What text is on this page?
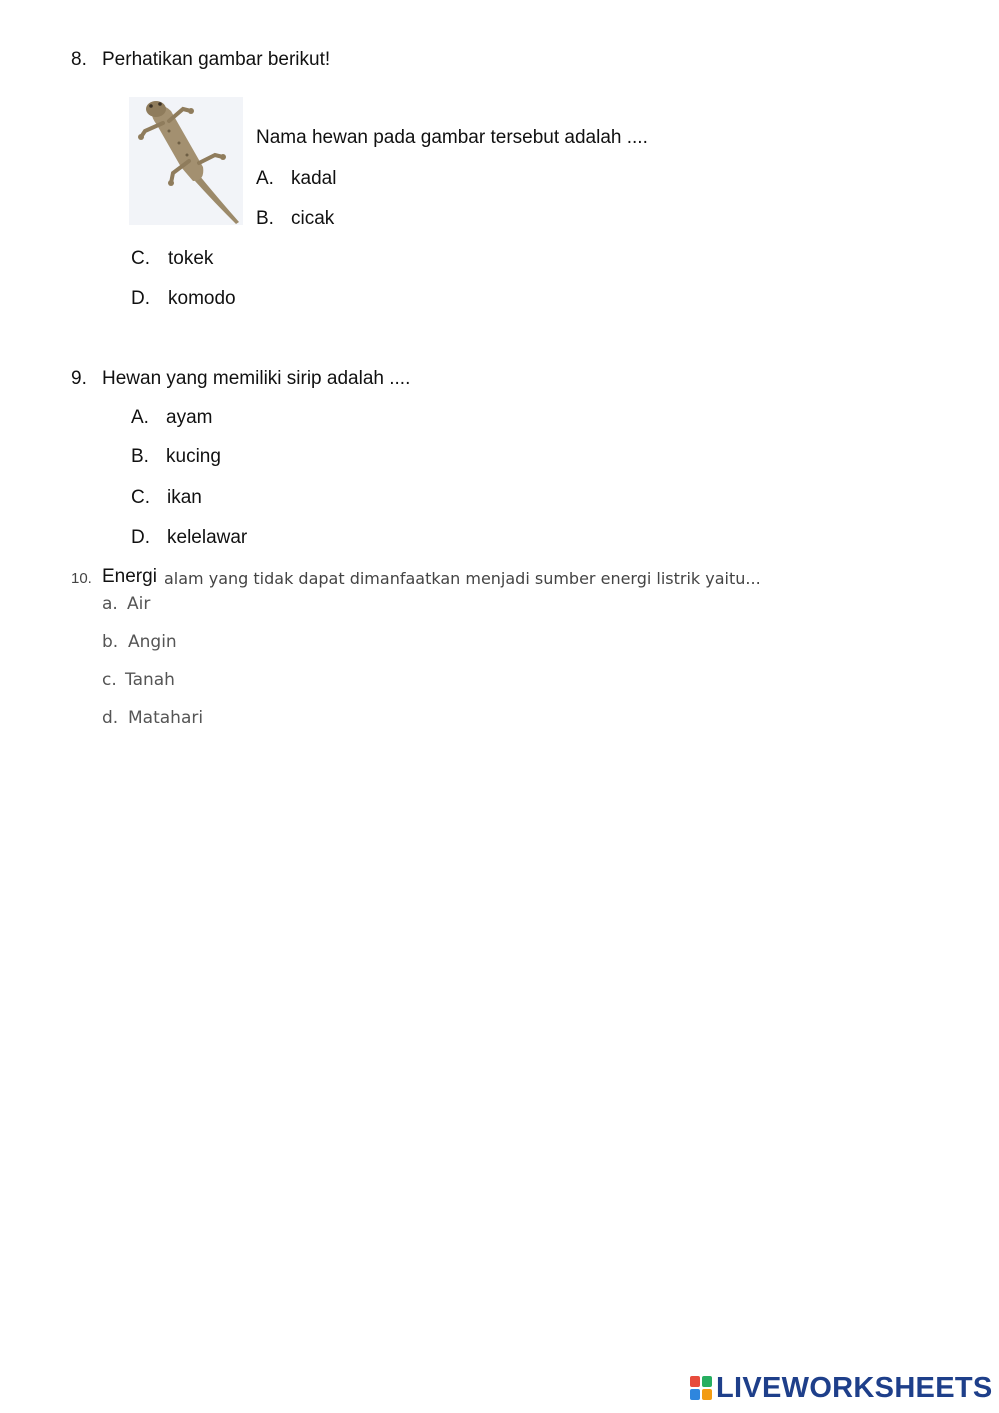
8. Perhatikan gambar berikut!
Nama hewan pada gambar tersebut adalah ....
A. kadal
B. cicak
C. tokek
D. komodo
9. Hewan yang memiliki sirip adalah ....
A. ayam
B. kucing
C. ikan
D. kelelawar
10. Energi alam yang tidak dapat dimanfaatkan menjadi sumber energi listrik yaitu...
a. Air
b. Angin
c. Tanah
d. Matahari
LIVEWORKSHEETS
